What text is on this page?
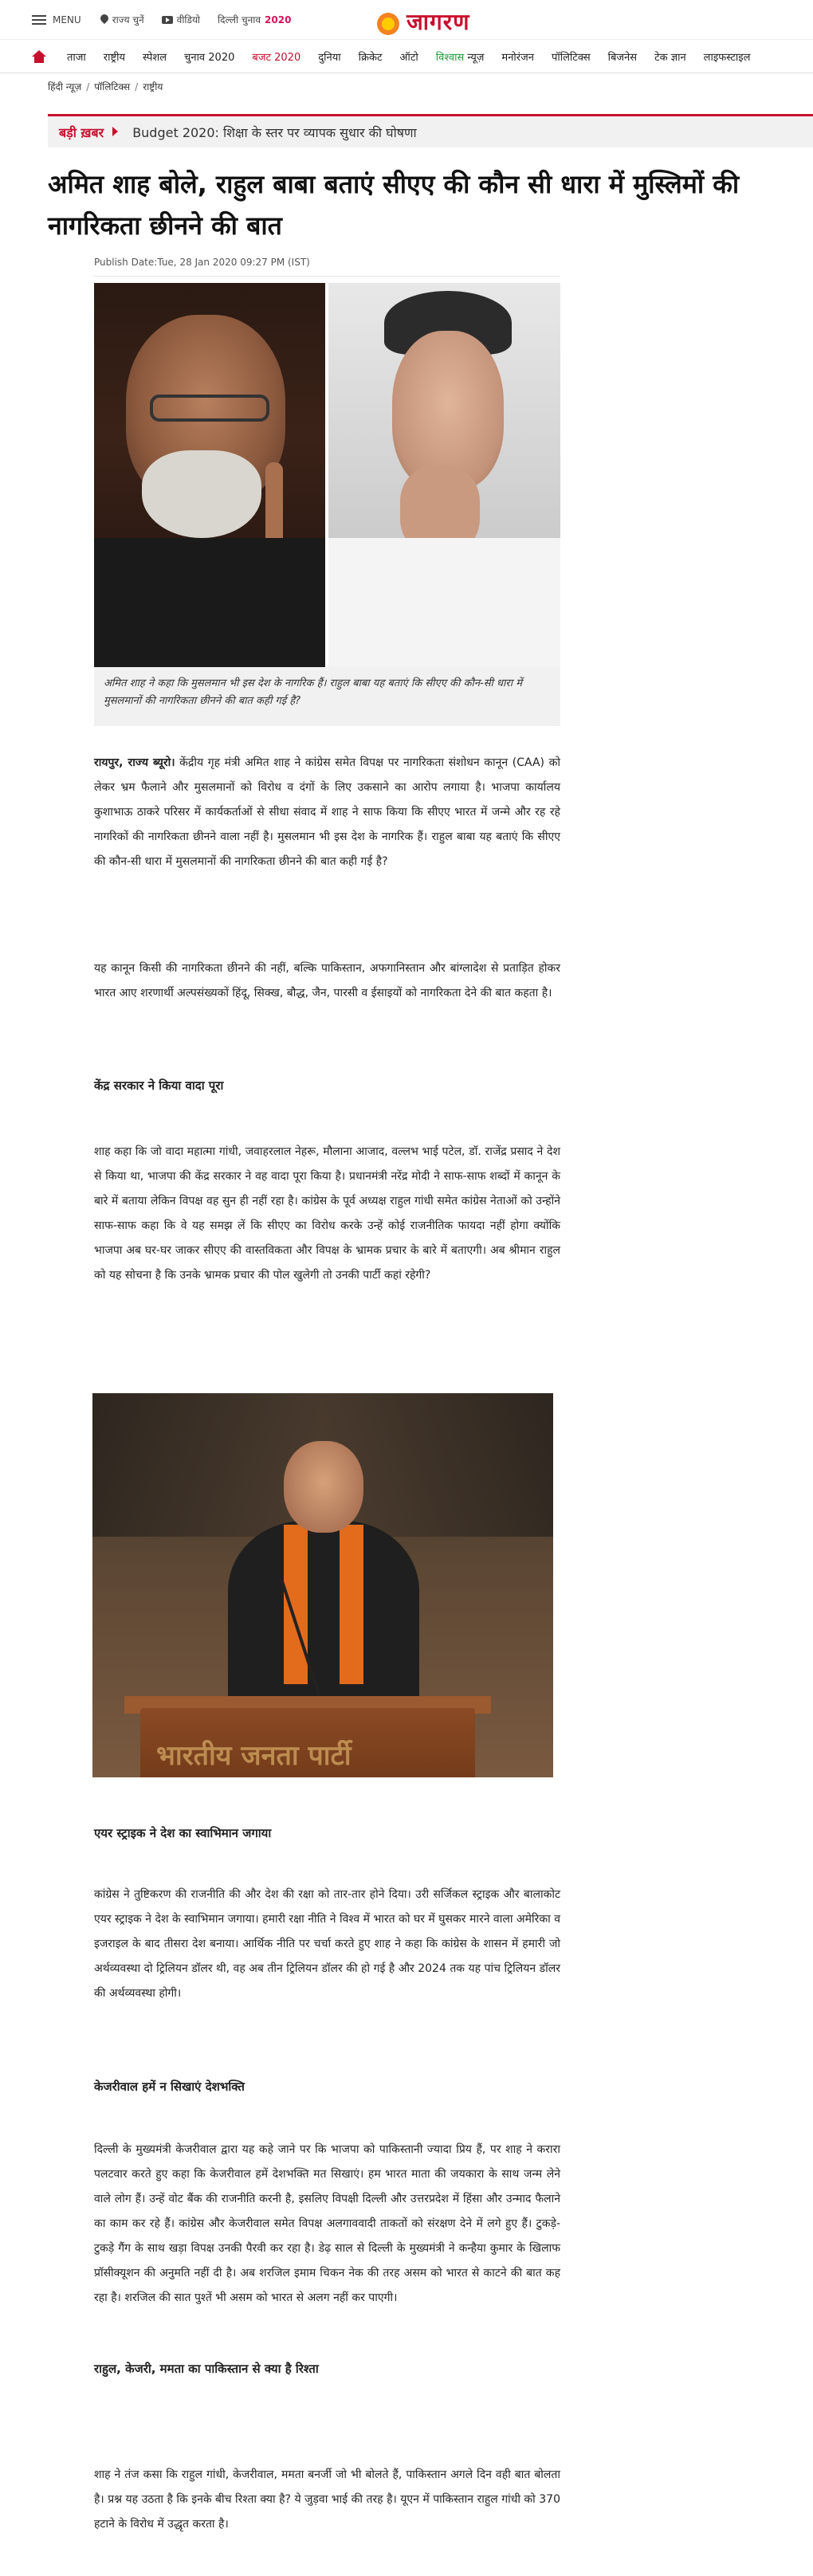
MENU	राज्य चुनें	वीडियो दिल्ली चुनाव 2020	जागरण
ताजा राष्ट्रीय स्पेशल चुनाव 2020 बजट 2020 दुनिया क्रिकेट ऑटो विश्वास न्यूज़ मनोरंजन पॉलिटिक्स बिजनेस टेक ज्ञान लाइफस्टाइल
हिंदी न्यूज़ / पॉलिटिक्स / राष्ट्रीय
बड़ी ख़बर	Budget 2020: शिक्षा के स्तर पर व्यापक सुधार की घोषणा
अमित शाह बोले, राहुल बाबा बताएं सीएए की कौन सी धारा में मुस्लिमों की नागरिकता छीनने की बात
Publish Date:Tue, 28 Jan 2020 09:27 PM (IST)
अमित शाह ने कहा कि मुसलमान भी इस देश के नागरिक हैं। राहुल बाबा यह बताएं कि सीएए की कौन-सी धारा में मुसलमानों की नागरिकता छीनने की बात कही गई है?

रायपुर, राज्य ब्यूरो। केंद्रीय गृह मंत्री अमित शाह ने कांग्रेस समेत विपक्ष पर नागरिकता संशोधन कानून (CAA) को लेकर भ्रम फैलाने और मुसलमानों को विरोध व दंगों के लिए उकसाने का आरोप लगाया है। भाजपा कार्यालय कुशाभाऊ ठाकरे परिसर में कार्यकर्ताओं से सीधा संवाद में शाह ने साफ किया कि सीएए भारत में जन्मे और रह रहे नागरिकों की नागरिकता छीनने वाला नहीं है। मुसलमान भी इस देश के नागरिक हैं। राहुल बाबा यह बताएं कि सीएए की कौन-सी धारा में मुसलमानों की नागरिकता छीनने की बात कही गई है?

यह कानून किसी की नागरिकता छीनने की नहीं, बल्कि पाकिस्तान, अफगानिस्तान और बांग्लादेश से प्रताड़ित होकर भारत आए शरणार्थी अल्पसंख्यकों हिंदू, सिक्ख, बौद्ध, जैन, पारसी व ईसाइयों को नागरिकता देने की बात कहता है।

केंद्र सरकार ने किया वादा पूरा

शाह कहा कि जो वादा महात्मा गांधी, जवाहरलाल नेहरू, मौलाना आजाद, वल्लभ भाई पटेल, डॉ. राजेंद्र प्रसाद ने देश से किया था, भाजपा की केंद्र सरकार ने वह वादा पूरा किया है। प्रधानमंत्री नरेंद्र मोदी ने साफ-साफ शब्दों में कानून के बारे में बताया लेकिन विपक्ष वह सुन ही नहीं रहा है। कांग्रेस के पूर्व अध्यक्ष राहुल गांधी समेत कांग्रेस नेताओं को उन्होंने साफ-साफ कहा कि वे यह समझ लें कि सीएए का विरोध करके उन्हें कोई राजनीतिक फायदा नहीं होगा क्योंकि भाजपा अब घर-घर जाकर सीएए की वास्तविकता और विपक्ष के भ्रामक प्रचार के बारे में बताएगी। अब श्रीमान राहुल को यह सोचना है कि उनके भ्रामक प्रचार की पोल खुलेगी तो उनकी पार्टी कहां रहेगी?

भारतीय जनता पार्टी
एयर स्ट्राइक ने देश का स्वाभिमान जगाया

कांग्रेस ने तुष्टिकरण की राजनीति की और देश की रक्षा को तार-तार होने दिया। उरी सर्जिकल स्ट्राइक और बालाकोट एयर स्ट्राइक ने देश के स्वाभिमान जगाया। हमारी रक्षा नीति ने विश्व में भारत को घर में घुसकर मारने वाला अमेरिका व इजराइल के बाद तीसरा देश बनाया। आर्थिक नीति पर चर्चा करते हुए शाह ने कहा कि कांग्रेस के शासन में हमारी जो अर्थव्यवस्था दो ट्रिलियन डॉलर थी, वह अब तीन ट्रिलियन डॉलर की हो गई है और 2024 तक यह पांच ट्रिलियन डॉलर की अर्थव्यवस्था होगी।

केजरीवाल हमें न सिखाएं देशभक्ति

दिल्ली के मुख्यमंत्री केजरीवाल द्वारा यह कहे जाने पर कि भाजपा को पाकिस्तानी ज्यादा प्रिय हैं, पर शाह ने करारा पलटवार करते हुए कहा कि केजरीवाल हमें देशभक्ति मत सिखाएं। हम भारत माता की जयकारा के साथ जन्म लेने वाले लोग हैं। उन्हें वोट बैंक की राजनीति करनी है, इसलिए विपक्षी दिल्ली और उत्तरप्रदेश में हिंसा और उन्माद फैलाने का काम कर रहे हैं। कांग्रेस और केजरीवाल समेत विपक्ष अलगाववादी ताकतों को संरक्षण देने में लगे हुए हैं। टुकड़े-टुकड़े गैंग के साथ खड़ा विपक्ष उनकी पैरवी कर रहा है। डेढ़ साल से दिल्ली के मुख्यमंत्री ने कन्हैया कुमार के खिलाफ प्रॉसीक्यूशन की अनुमति नहीं दी है। अब शरजिल इमाम चिकन नेक की तरह असम को भारत से काटने की बात कह रहा है। शरजिल की सात पुश्तें भी असम को भारत से अलग नहीं कर पाएगी।

राहुल, केजरी, ममता का पाकिस्तान से क्या है रिश्ता

शाह ने तंज कसा कि राहुल गांधी, केजरीवाल, ममता बनर्जी जो भी बोलते हैं, पाकिस्तान अगले दिन वही बात बोलता है। प्रश्न यह उठता है कि इनके बीच रिश्ता क्या है? ये जुड़वा भाई की तरह है। यूएन में पाकिस्तान राहुल गांधी को 370 हटाने के विरोध में उद्धृत करता है।
